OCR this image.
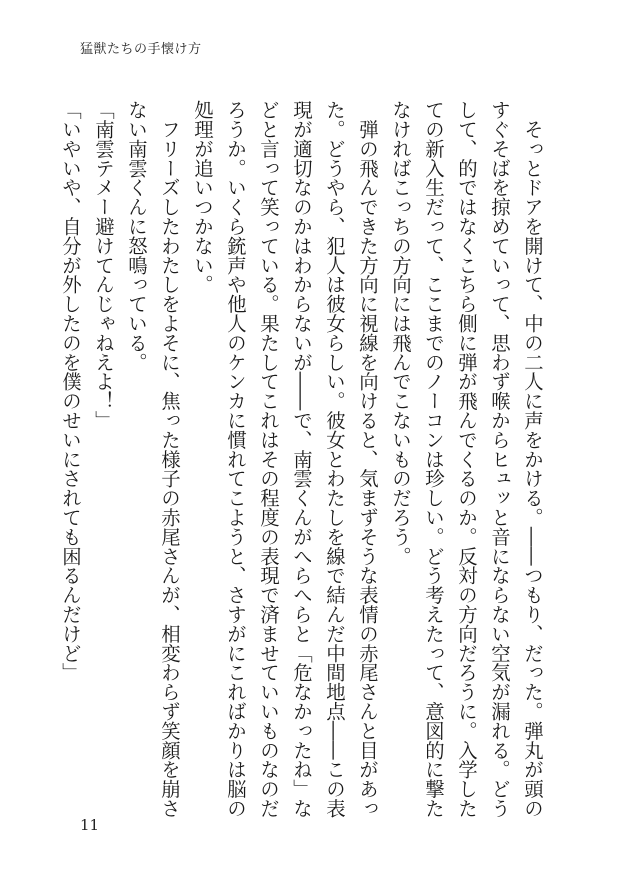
猛獣たちの手懐け方
　そっとドアを開けて、中の二人に声をかける。――つもり、だった。弾丸が頭の
すぐそばを掠めていって、思わず喉からヒュッと音にならない空気が漏れる。どう
して、的ではなくこちら側に弾が飛んでくるのか。反対の方向だろうに。入学した
ての新入生だって、ここまでのノーコンは珍しい。どう考えたって、意図的に撃た
なければこっちの方向には飛んでこないものだろう。
　弾の飛んできた方向に視線を向けると、気まずそうな表情の赤尾さんと目があっ
た。どうやら、犯人は彼女らしい。彼女とわたしを線で結んだ中間地点――この表
現が適切なのかはわからないが――で、南雲くんがへらへらと「危なかったね」な
どと言って笑っている。果たしてこれはその程度の表現で済ませていいものなのだ
ろうか。いくら銃声や他人のケンカに慣れてこようと、さすがにこればかりは脳の
処理が追いつかない。
　フリーズしたわたしをよそに、焦った様子の赤尾さんが、相変わらず笑顔を崩さ
ない南雲くんに怒鳴っている。
「南雲テメー避けてんじゃねえよ！」
「いやいや、自分が外したのを僕のせいにされても困るんだけど」
11
